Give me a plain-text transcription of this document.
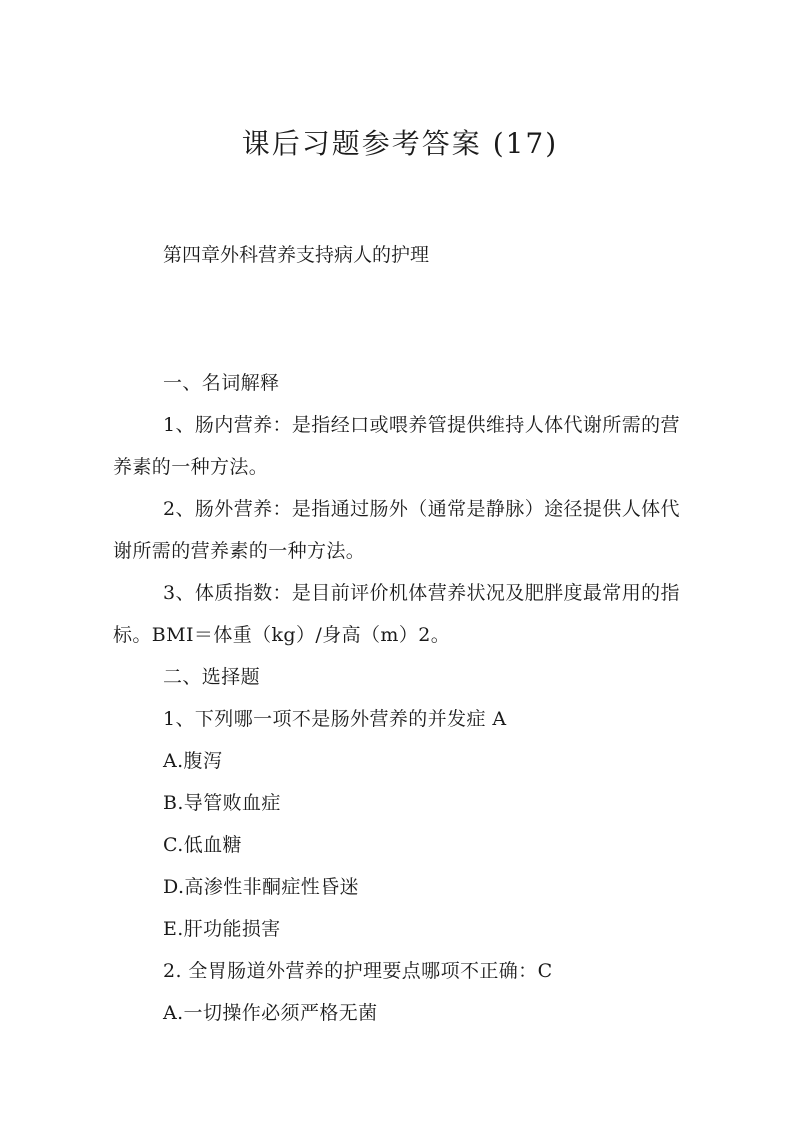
课后习题参考答案 (17)

第四章外科营养支持病人的护理

一、名词解释

1、肠内营养：是指经口或喂养管提供维持人体代谢所需的营养素的一种方法。

2、肠外营养：是指通过肠外（通常是静脉）途径提供人体代谢所需的营养素的一种方法。

3、体质指数：是目前评价机体营养状况及肥胖度最常用的指标。BMI＝体重（kg）/身高（m）2。

二、选择题

1、下列哪一项不是肠外营养的并发症 A

A.腹泻

B.导管败血症

C.低血糖

D.高渗性非酮症性昏迷

E.肝功能损害

2. 全胃肠道外营养的护理要点哪项不正确：C

A.一切操作必须严格无菌
